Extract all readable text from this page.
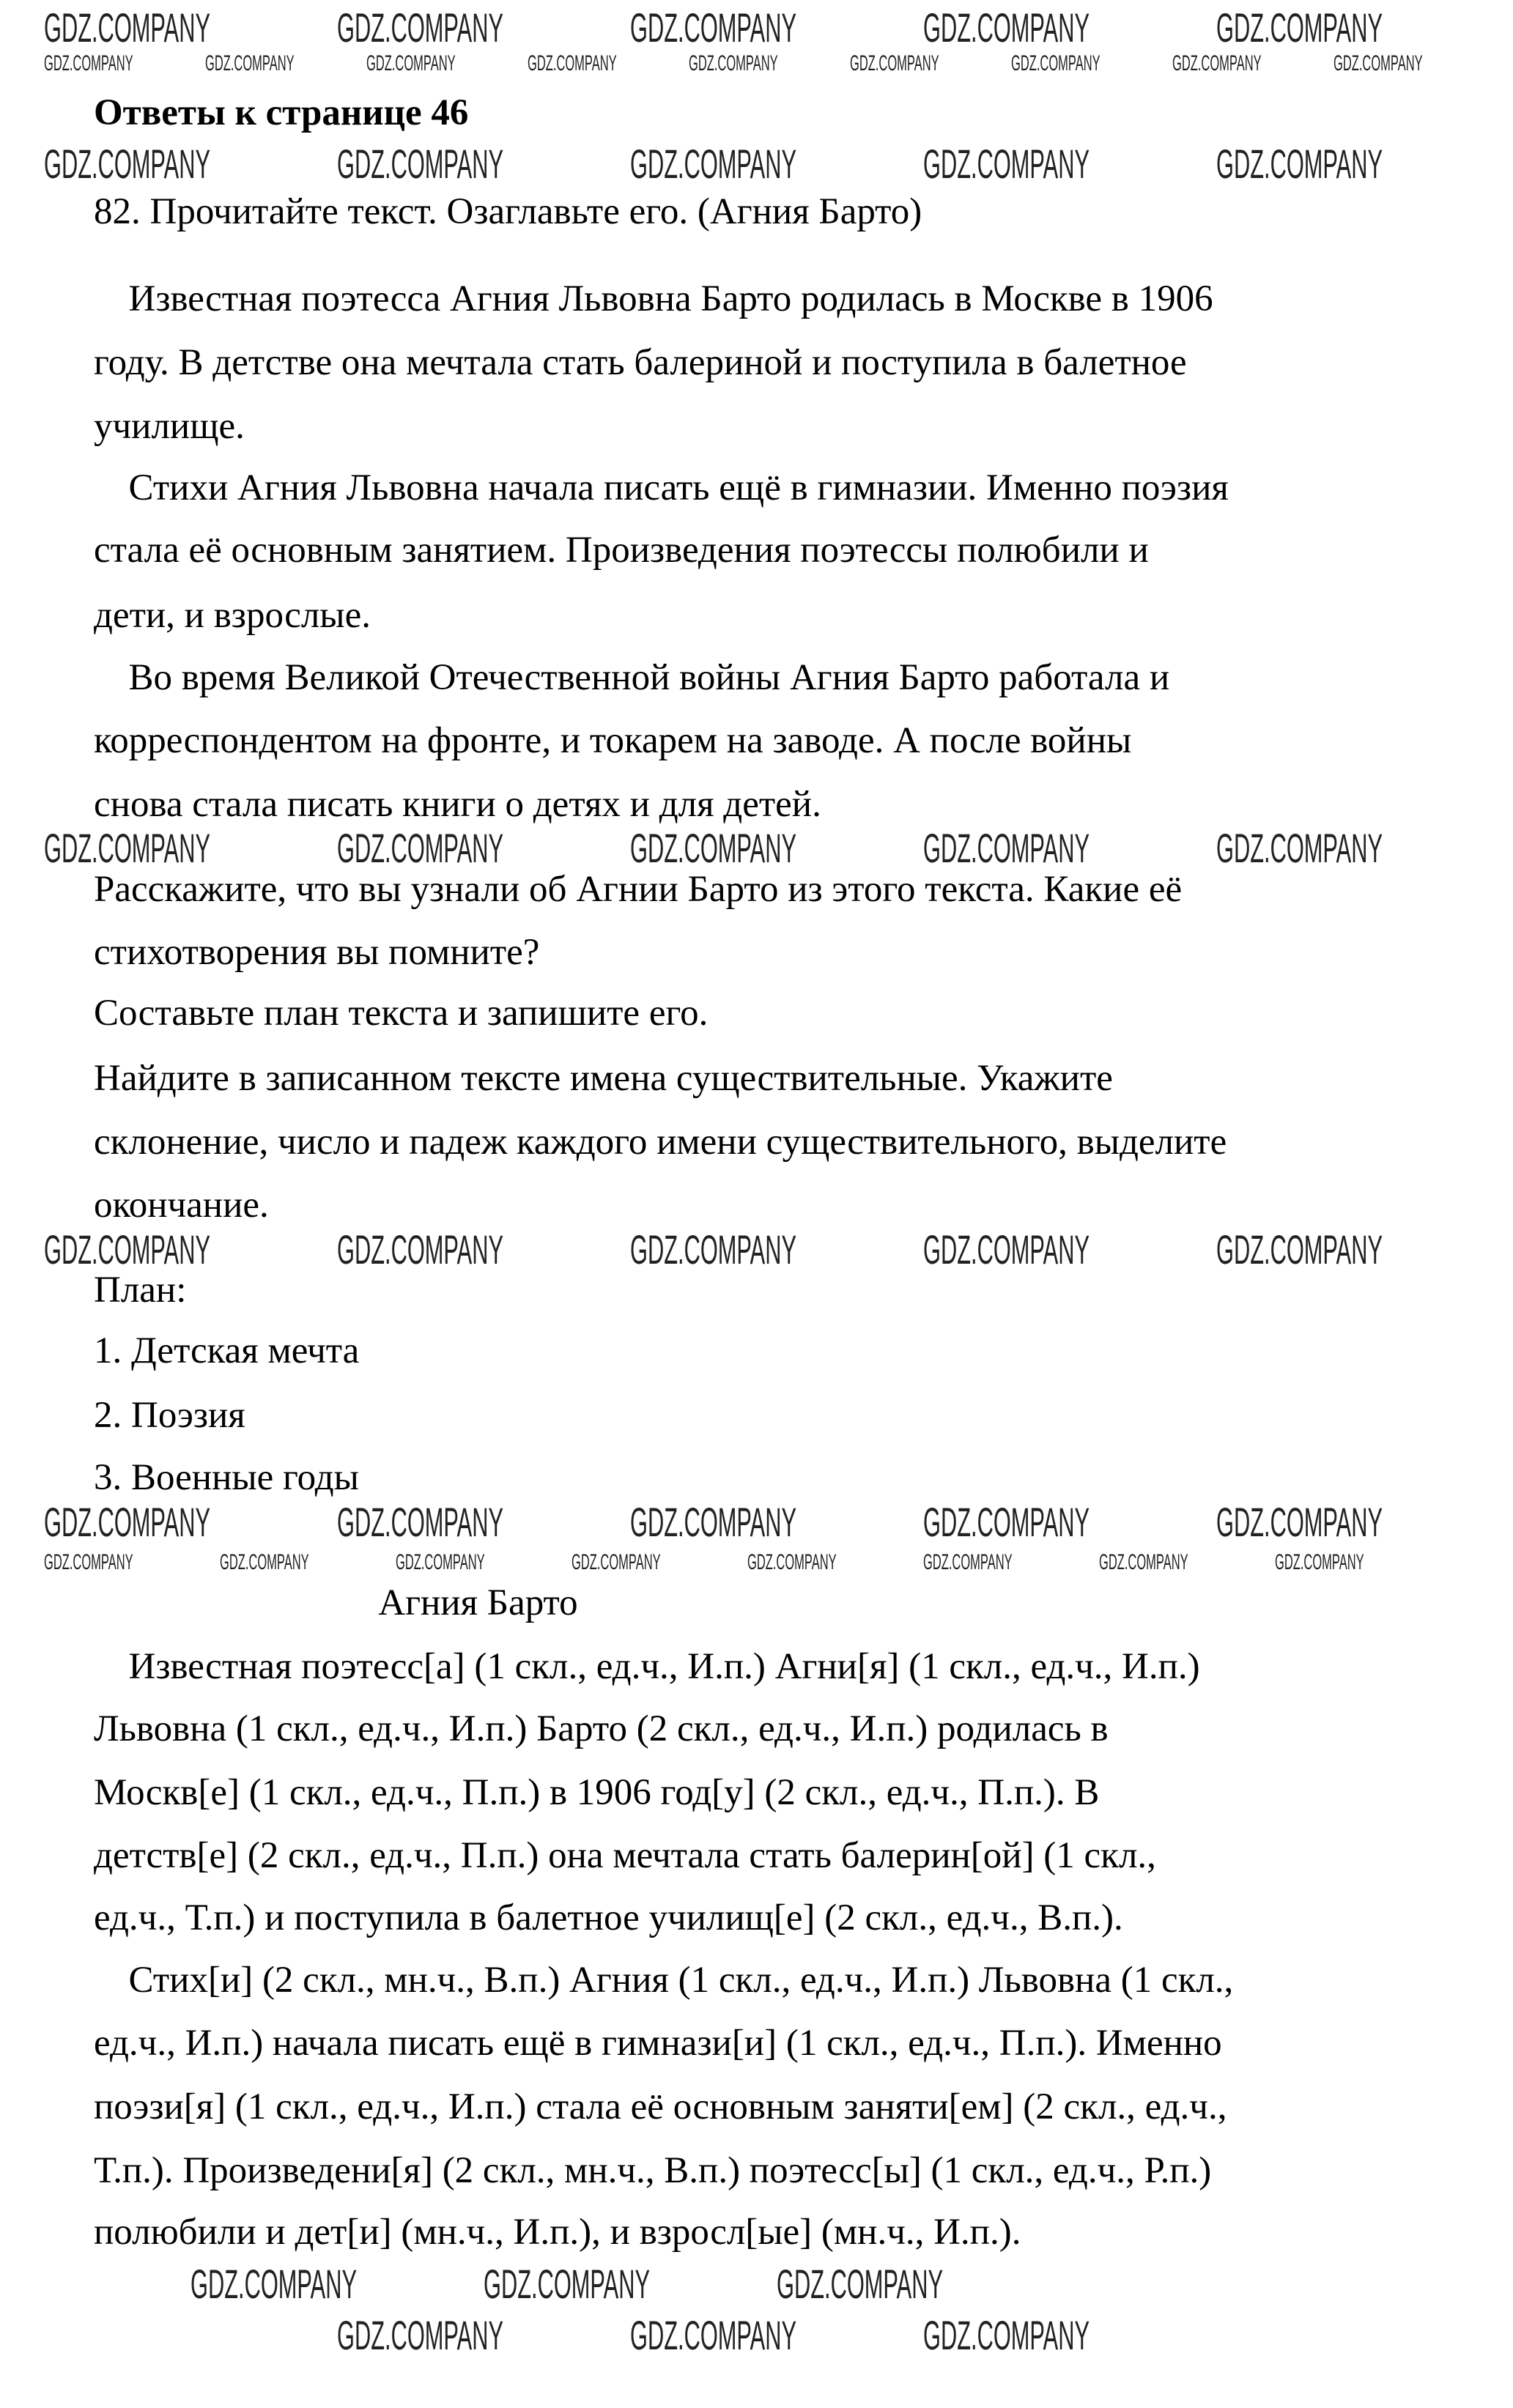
Ответы к странице 46
82. Прочитайте текст. Озаглавьте его. (Агния Барто)
Известная поэтесса Агния Львовна Барто родилась в Москве в 1906
году. В детстве она мечтала стать балериной и поступила в балетное
училище.
Стихи Агния Львовна начала писать ещё в гимназии. Именно поэзия
стала её основным занятием. Произведения поэтессы полюбили и
дети, и взрослые.
Во время Великой Отечественной войны Агния Барто работала и
корреспондентом на фронте, и токарем на заводе. А после войны
снова стала писать книги о детях и для детей.
Расскажите, что вы узнали об Агнии Барто из этого текста. Какие её
стихотворения вы помните?
Составьте план текста и запишите его.
Найдите в записанном тексте имена существительные. Укажите
склонение, число и падеж каждого имени существительного, выделите
окончание.
План:
1. Детская мечта
2. Поэзия
3. Военные годы
Агния Барто
Известная поэтесс[а] (1 скл., ед.ч., И.п.) Агни[я] (1 скл., ед.ч., И.п.)
Львовна (1 скл., ед.ч., И.п.) Барто (2 скл., ед.ч., И.п.) родилась в
Москв[е] (1 скл., ед.ч., П.п.) в 1906 год[у] (2 скл., ед.ч., П.п.). В
детств[е] (2 скл., ед.ч., П.п.) она мечтала стать балерин[ой] (1 скл.,
ед.ч., Т.п.) и поступила в балетное училищ[е] (2 скл., ед.ч., В.п.).
Стих[и] (2 скл., мн.ч., В.п.) Агния (1 скл., ед.ч., И.п.) Львовна (1 скл.,
ед.ч., И.п.) начала писать ещё в гимнази[и] (1 скл., ед.ч., П.п.). Именно
поэзи[я] (1 скл., ед.ч., И.п.) стала её основным заняти[ем] (2 скл., ед.ч.,
Т.п.). Произведени[я] (2 скл., мн.ч., В.п.) поэтесс[ы] (1 скл., ед.ч., Р.п.)
полюбили и дет[и] (мн.ч., И.п.), и взросл[ые] (мн.ч., И.п.).
GDZ.COMPANY	GDZ.COMPANY	GDZ.COMPANY	GDZ.COMPANY	GDZ.COMPANY
GDZ.COMPANY	GDZ.COMPANY	GDZ.COMPANY	GDZ.COMPANY	GDZ.COMPANY	GDZ.COMPANY	GDZ.COMPANY	GDZ.COMPANY	GDZ.COMPANY
GDZ.COMPANY	GDZ.COMPANY	GDZ.COMPANY	GDZ.COMPANY	GDZ.COMPANY
GDZ.COMPANY	GDZ.COMPANY	GDZ.COMPANY	GDZ.COMPANY	GDZ.COMPANY
GDZ.COMPANY	GDZ.COMPANY	GDZ.COMPANY	GDZ.COMPANY	GDZ.COMPANY
GDZ.COMPANY	GDZ.COMPANY	GDZ.COMPANY	GDZ.COMPANY	GDZ.COMPANY
GDZ.COMPANY	GDZ.COMPANY	GDZ.COMPANY	GDZ.COMPANY	GDZ.COMPANY	GDZ.COMPANY	GDZ.COMPANY	GDZ.COMPANY
GDZ.COMPANY	GDZ.COMPANY	GDZ.COMPANY
GDZ.COMPANY	GDZ.COMPANY	GDZ.COMPANY
